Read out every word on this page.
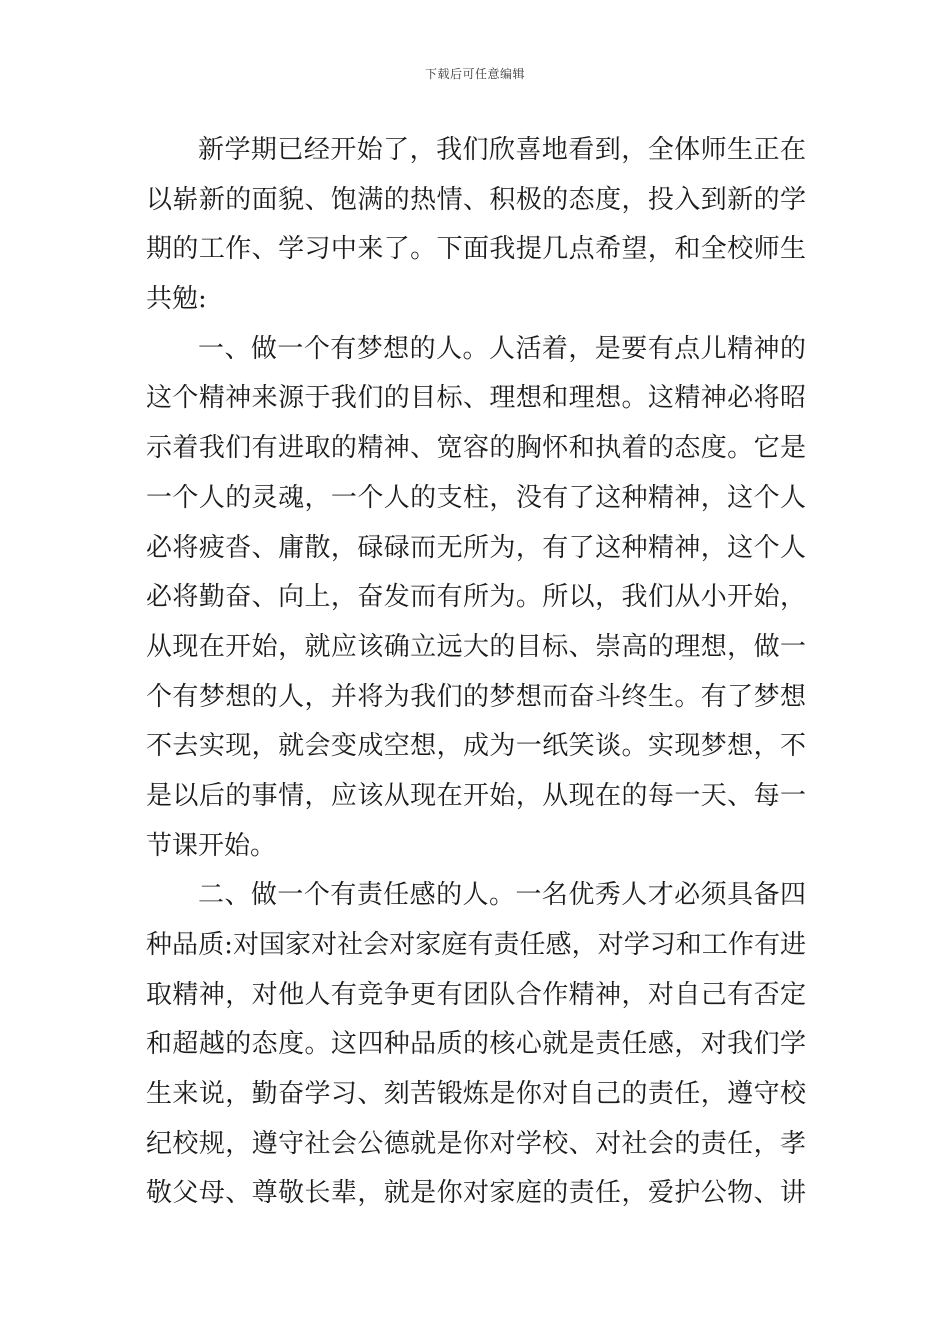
下载后可任意编辑
新学期已经开始了，我们欣喜地看到，全体师生正在
以崭新的面貌、饱满的热情、积极的态度，投入到新的学
期的工作、学习中来了。下面我提几点希望，和全校师生
共勉:
一、做一个有梦想的人。人活着，是要有点儿精神的
这个精神来源于我们的目标、理想和理想。这精神必将昭
示着我们有进取的精神、宽容的胸怀和执着的态度。它是
一个人的灵魂，一个人的支柱，没有了这种精神，这个人
必将疲沓、庸散，碌碌而无所为，有了这种精神，这个人
必将勤奋、向上，奋发而有所为。所以，我们从小开始，
从现在开始，就应该确立远大的目标、崇高的理想，做一
个有梦想的人，并将为我们的梦想而奋斗终生。有了梦想
不去实现，就会变成空想，成为一纸笑谈。实现梦想，不
是以后的事情，应该从现在开始，从现在的每一天、每一
节课开始。
二、做一个有责任感的人。一名优秀人才必须具备四
种品质:对国家对社会对家庭有责任感，对学习和工作有进
取精神，对他人有竞争更有团队合作精神，对自己有否定
和超越的态度。这四种品质的核心就是责任感，对我们学
生来说，勤奋学习、刻苦锻炼是你对自己的责任，遵守校
纪校规，遵守社会公德就是你对学校、对社会的责任，孝
敬父母、尊敬长辈，就是你对家庭的责任，爱护公物、讲
